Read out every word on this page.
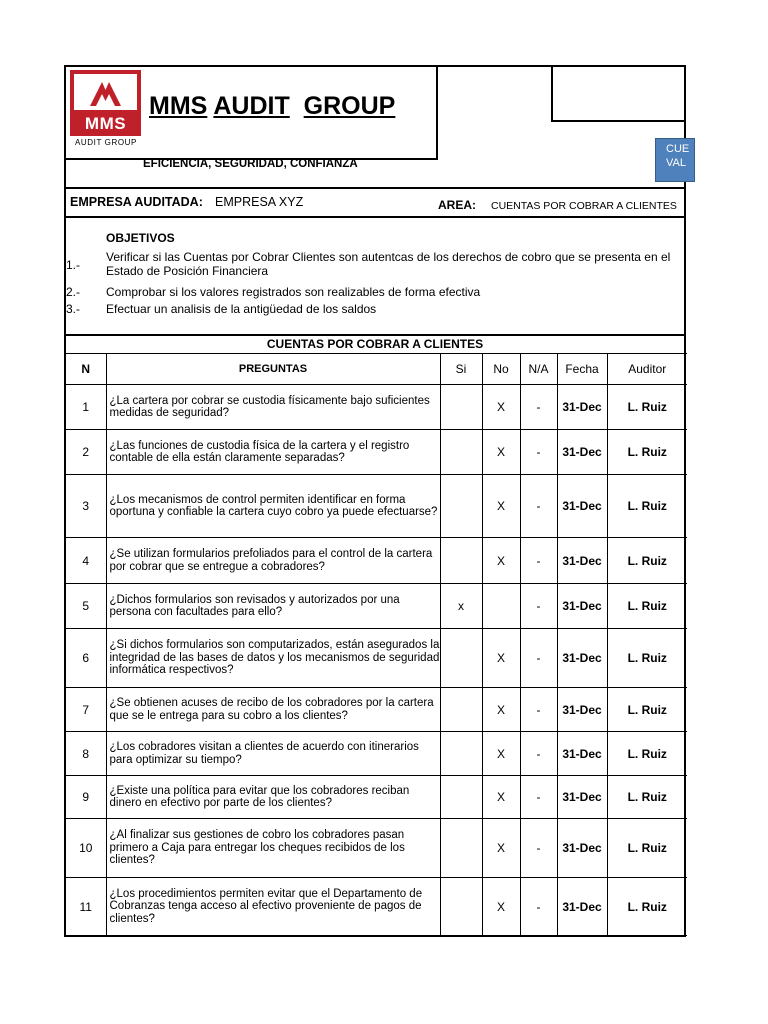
MMS
AUDIT GROUP
MMS AUDIT GROUP
EFICIENCIA, SEGURIDAD, CONFIANZA
CUE
VAL
EMPRESA AUDITADA: EMPRESA XYZ	AREA: CUENTAS POR COBRAR A CLIENTES
OBJETIVOS
1.-
Verificar si las Cuentas por Cobrar Clientes son autentcas de los derechos de cobro que se presenta en el Estado de Posición Financiera
2.- Comprobar si los valores registrados son realizables de forma efectiva
3.- Efectuar un analisis de la antigüedad de los saldos
CUENTAS POR COBRAR A CLIENTES
N	PREGUNTAS	Si	No	N/A	Fecha	Auditor
1	¿La cartera por cobrar se custodia físicamente bajo suficientes medidas de seguridad?		X	-	31-Dec	L. Ruiz
2	¿Las funciones de custodia física de la cartera y el registro contable de ella están claramente separadas?		X	-	31-Dec	L. Ruiz
3	¿Los mecanismos de control permiten identificar en forma oportuna y confiable la cartera cuyo cobro ya puede efectuarse?		X	-	31-Dec	L. Ruiz
4	¿Se utilizan formularios prefoliados para el control de la cartera por cobrar que se entregue a cobradores?		X	-	31-Dec	L. Ruiz
5	¿Dichos formularios son revisados y autorizados por una persona con facultades para ello?	x		-	31-Dec	L. Ruiz
6	¿Si dichos formularios son computarizados, están asegurados la integridad de las bases de datos y los mecanismos de seguridad informática respectivos?		X	-	31-Dec	L. Ruiz
7	¿Se obtienen acuses de recibo de los cobradores por la cartera que se le entrega para su cobro a los clientes?		X	-	31-Dec	L. Ruiz
8	¿Los cobradores visitan a clientes de acuerdo con itinerarios para optimizar su tiempo?		X	-	31-Dec	L. Ruiz
9	¿Existe una política para evitar que los cobradores reciban dinero en efectivo por parte de los clientes?		X	-	31-Dec	L. Ruiz
10	¿Al finalizar sus gestiones de cobro los cobradores pasan primero a Caja para entregar los cheques recibidos de los clientes?		X	-	31-Dec	L. Ruiz
11	¿Los procedimientos permiten evitar que el Departamento de Cobranzas tenga acceso al efectivo proveniente de pagos de clientes?		X	-	31-Dec	L. Ruiz
